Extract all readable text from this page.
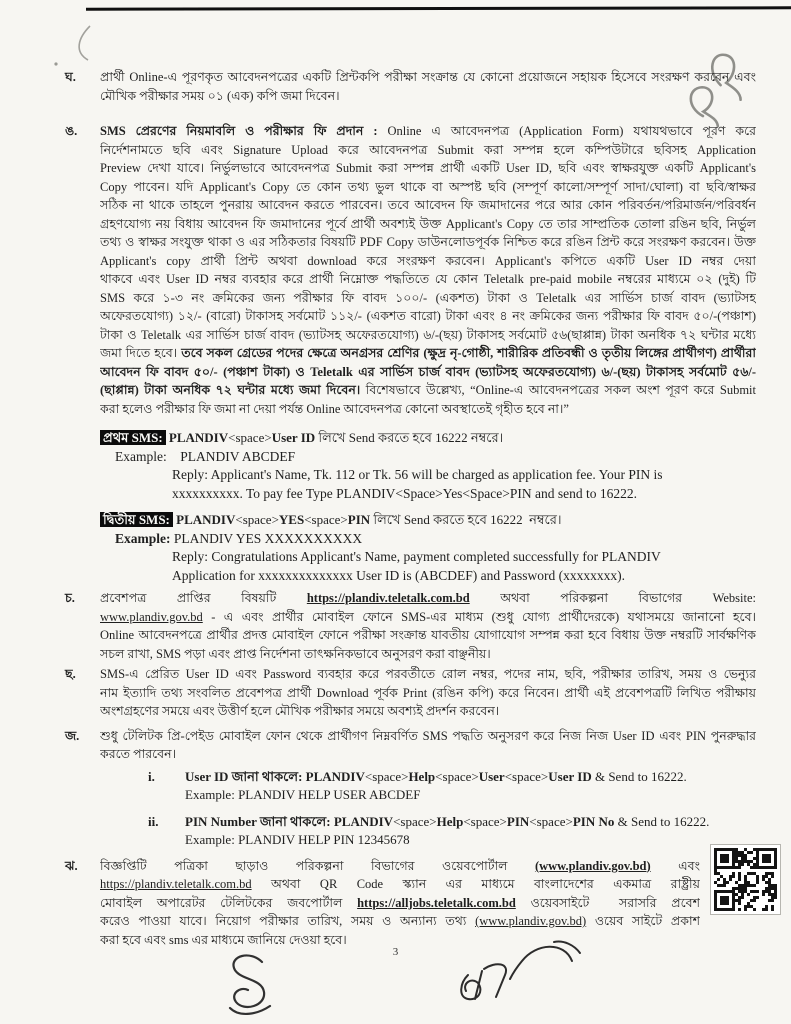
ঘ. প্রার্থী Online-এ পূরণকৃত আবেদনপত্রের একটি প্রিন্টকপি পরীক্ষা সংক্রান্ত যে কোনো প্রয়োজনে সহায়ক হিসেবে সংরক্ষণ করবেন এবং
মৌখিক পরীক্ষার সময় ০১ (এক) কপি জমা দিবেন।
ঙ. SMS প্রেরণের নিয়মাবলি ও পরীক্ষার ফি প্রদান : Online এ আবেদনপত্র (Application Form) যথাযথভাবে পূরণ করে
নির্দেশনামতে ছবি এবং Signature Upload করে আবেদনপত্র Submit করা সম্পন্ন হলে কম্পিউটারে ছবিসহ Application
Preview দেখা যাবে। নির্ভুলভাবে আবেদনপত্র Submit করা সম্পন্ন প্রার্থী একটি User ID, ছবি এবং স্বাক্ষরযুক্ত একটি Applicant's
Copy পাবেন। যদি Applicant's Copy তে কোন তথ্য ভুল থাকে বা অস্পষ্ট ছবি (সম্পূর্ণ কালো/সম্পূর্ণ সাদা/ঘোলা) বা ছবি/স্বাক্ষর
সঠিক না থাকে তাহলে পুনরায় আবেদন করতে পারবেন। তবে আবেদন ফি জমাদানের পরে আর কোন পরিবর্তন/পরিমার্জন/পরিবর্ধন
গ্রহণযোগ্য নয় বিধায় আবেদন ফি জমাদানের পূর্বে প্রার্থী অবশ্যই উক্ত Applicant's Copy তে তার সাম্প্রতিক তোলা রঙিন ছবি, নির্ভুল
তথ্য ও স্বাক্ষর সংযুক্ত থাকা ও এর সঠিকতার বিষয়টি PDF Copy ডাউনলোডপূর্বক নিশ্চিত করে রঙিন প্রিন্ট করে সংরক্ষণ করবেন। উক্ত
Applicant's copy প্রার্থী প্রিন্ট অথবা download করে সংরক্ষণ করবেন। Applicant's কপিতে একটি User ID নম্বর দেয়া
থাকবে এবং User ID নম্বর ব্যবহার করে প্রার্থী নিম্নোক্ত পদ্ধতিতে যে কোন Teletalk pre-paid mobile নম্বরের মাধ্যমে ০২ (দুই) টি
SMS করে ১-৩ নং ক্রমিকের জন্য পরীক্ষার ফি বাবদ ১০০/- (একশত) টাকা ও Teletalk এর সার্ভিস চার্জ বাবদ (ভ্যাটসহ
অফেরতযোগ্য) ১২/- (বারো) টাকাসহ সর্বমোট ১১২/- (একশত বারো) টাকা এবং ৪ নং ক্রমিকের জন্য পরীক্ষার ফি বাবদ ৫০/-(পঞ্চাশ)
টাকা ও Teletalk এর সার্ভিস চার্জ বাবদ (ভ্যাটসহ অফেরতযোগ্য) ৬/-(ছয়) টাকাসহ সর্বমোট ৫৬(ছাপ্পান্ন) টাকা অনধিক ৭২ ঘন্টার মধ্যে
জমা দিতে হবে। তবে সকল গ্রেডের পদের ক্ষেত্রে অনগ্রসর শ্রেণির (ক্ষুদ্র নৃ-গোষ্ঠী, শারীরিক প্রতিবন্ধী ও তৃতীয় লিঙ্গের প্রার্থীগণ) প্রার্থীরা
আবেদন ফি বাবদ ৫০/- (পঞ্চাশ টাকা) ও Teletalk এর সার্ভিস চার্জ বাবদ (ভ্যাটসহ অফেরতযোগ্য) ৬/-(ছয়) টাকাসহ সর্বমোট ৫৬/-
(ছাপ্পান্ন) টাকা অনধিক ৭২ ঘন্টার মধ্যে জমা দিবেন। বিশেষভাবে উল্লেখ্য, “Online-এ আবেদনপত্রের সকল অংশ পূরণ করে Submit
করা হলেও পরীক্ষার ফি জমা না দেয়া পর্যন্ত Online আবেদনপত্র কোনো অবস্থাতেই গৃহীত হবে না।”
প্রথম SMS: PLANDIV<space>User ID লিখে Send করতে হবে 16222 নম্বরে।
Example:    PLANDIV ABCDEF
Reply: Applicant's Name, Tk. 112 or Tk. 56 will be charged as application fee. Your PIN is
xxxxxxxxxx. To pay fee Type PLANDIV<Space>Yes<Space>PIN and send to 16222.
দ্বিতীয় SMS: PLANDIV<space>YES<space>PIN লিখে Send করতে হবে 16222  নম্বরে।
Example: PLANDIV YES XXXXXXXXXX
Reply: Congratulations Applicant's Name, payment completed successfully for PLANDIV
Application for xxxxxxxxxxxxxx User ID is (ABCDEF) and Password (xxxxxxxx).
চ. প্রবেশপত্র প্রাপ্তির বিষয়টি https://plandiv.teletalk.com.bd অথবা পরিকল্পনা বিভাগের Website:
www.plandiv.gov.bd - এ এবং প্রার্থীর মোবাইল ফোনে SMS-এর মাধ্যম (শুধু যোগ্য প্রার্থীদেরকে) যথাসময়ে জানানো হবে।
Online আবেদনপত্রে প্রার্থীর প্রদত্ত মোবাইল ফোনে পরীক্ষা সংক্রান্ত যাবতীয় যোগাযোগ সম্পন্ন করা হবে বিধায় উক্ত নম্বরটি সার্বক্ষণিক
সচল রাখা, SMS পড়া এবং প্রাপ্ত নির্দেশনা তাৎক্ষনিকভাবে অনুসরণ করা বাঞ্ছনীয়।
ছ. SMS-এ প্রেরিত User ID এবং Password ব্যবহার করে পরবর্তীতে রোল নম্বর, পদের নাম, ছবি, পরীক্ষার তারিখ, সময় ও ভেন্যুর
নাম ইত্যাদি তথ্য সংবলিত প্রবেশপত্র প্রার্থী Download পূর্বক Print (রঙিন কপি) করে নিবেন। প্রার্থী এই প্রবেশপত্রটি লিখিত পরীক্ষায়
অংশগ্রহণের সময়ে এবং উত্তীর্ণ হলে মৌখিক পরীক্ষার সময়ে অবশ্যই প্রদর্শন করবেন।
জ. শুধু টেলিটক প্রি-পেইড মোবাইল ফোন থেকে প্রার্থীগণ নিম্নবর্ণিত SMS পদ্ধতি অনুসরণ করে নিজ নিজ User ID এবং PIN পুনরুদ্ধার
করতে পারবেন।
i. User ID জানা থাকলে: PLANDIV<space>Help<space>User<space>User ID & Send to 16222.
Example: PLANDIV HELP USER ABCDEF
ii. PIN Number জানা থাকলে: PLANDIV<space>Help<space>PIN<space>PIN No & Send to 16222.
Example: PLANDIV HELP PIN 12345678
ঝ. বিজ্ঞপ্তিটি পত্রিকা ছাড়াও পরিকল্পনা বিভাগের ওয়েবপোর্টাল (www.plandiv.gov.bd) এবং
https://plandiv.teletalk.com.bd অথবা QR Code স্ক্যান এর মাধ্যমে বাংলাদেশের একমাত্র রাষ্ট্রীয়
মোবাইল অপারেটর টেলিটকের জবপোর্টাল https://alljobs.teletalk.com.bd ওয়েবসাইটে  সরাসরি প্রবেশ
করেও পাওয়া যাবে। নিয়োগ পরীক্ষার তারিখ, সময় ও অন্যান্য তথ্য (www.plandiv.gov.bd) ওয়েব সাইটে প্রকাশ
করা হবে এবং sms এর মাধ্যমে জানিয়ে দেওয়া হবে।
3
